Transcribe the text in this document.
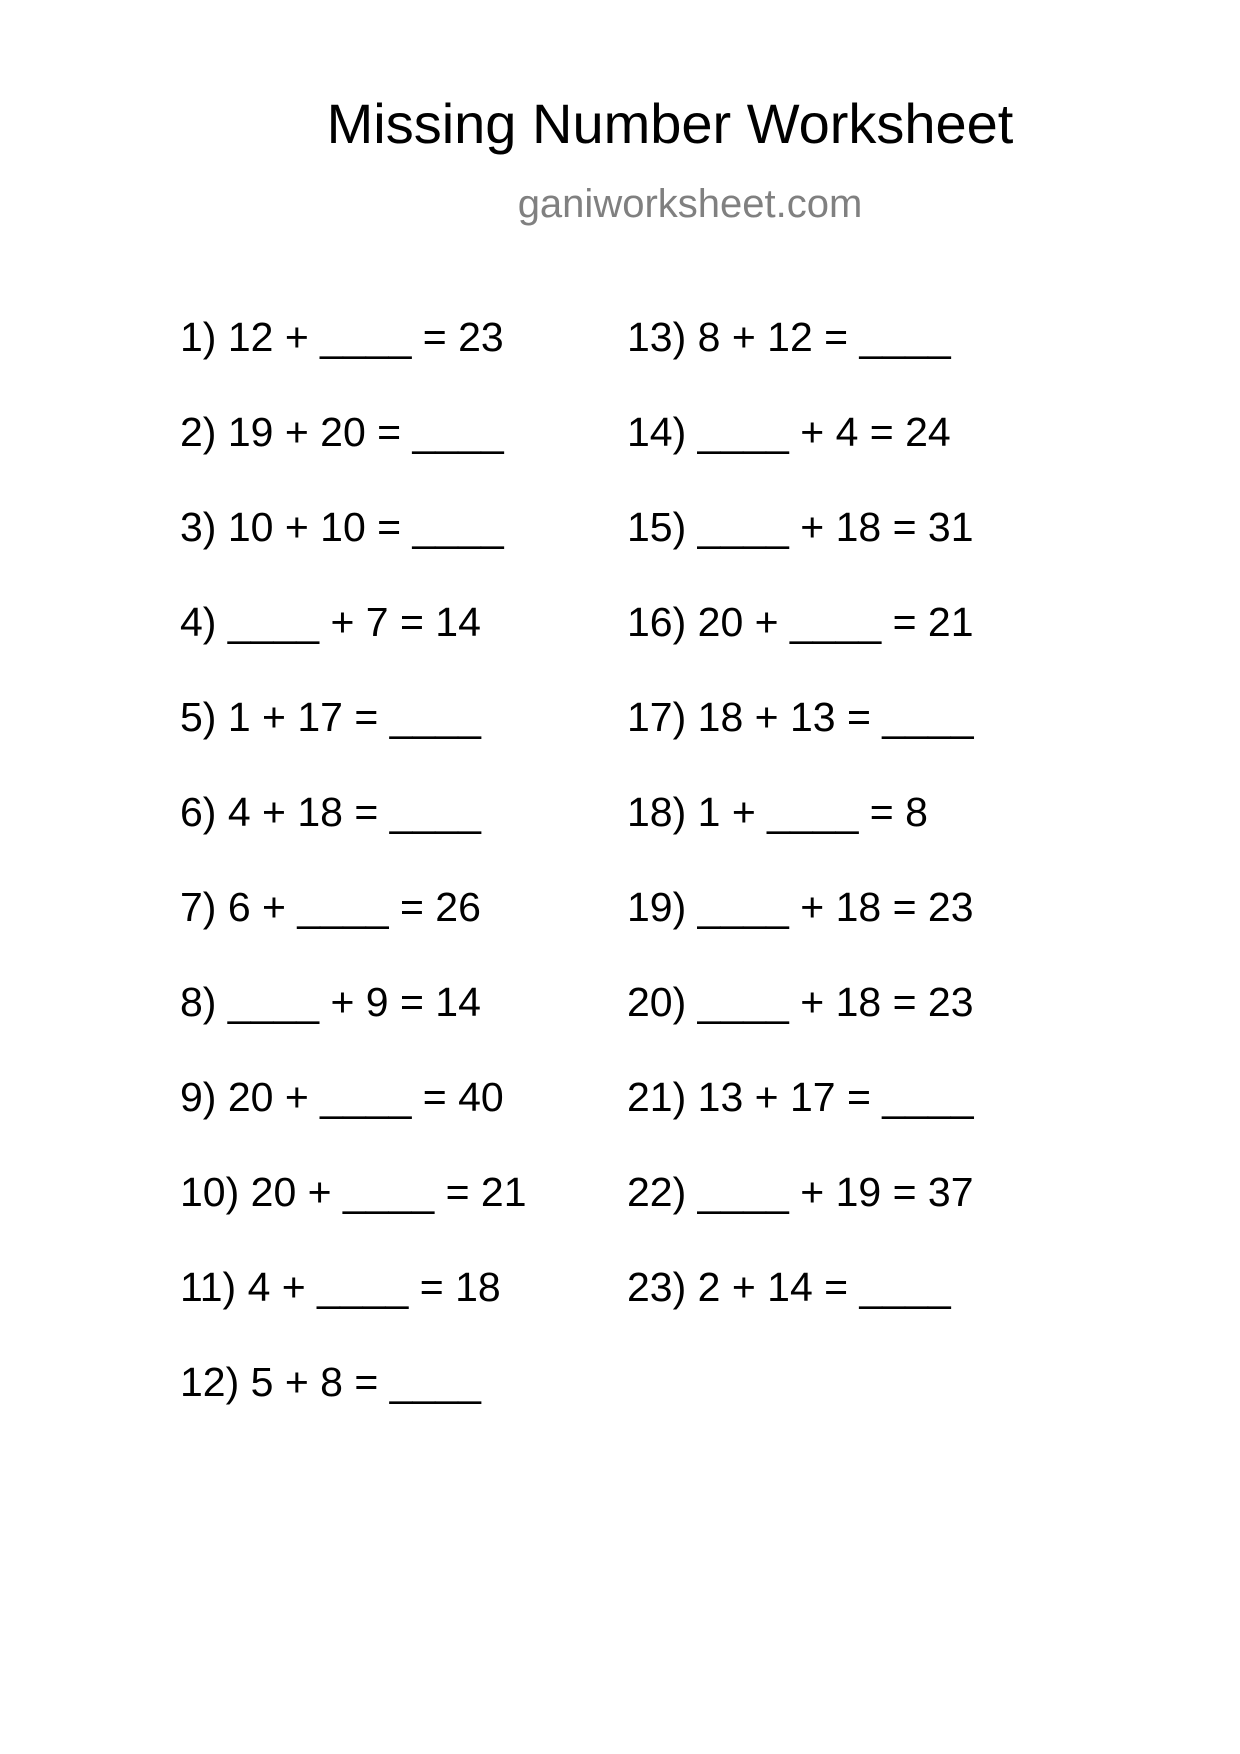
Missing Number Worksheet
ganiworksheet.com
1) 12 + ____ = 23
2) 19 + 20 = ____
3) 10 + 10 = ____
4) ____ + 7 = 14
5) 1 + 17 = ____
6) 4 + 18 = ____
7) 6 + ____ = 26
8) ____ + 9 = 14
9) 20 + ____ = 40
10) 20 + ____ = 21
11) 4 + ____ = 18
12) 5 + 8 = ____
13) 8 + 12 = ____
14) ____ + 4 = 24
15) ____ + 18 = 31
16) 20 + ____ = 21
17) 18 + 13 = ____
18) 1 + ____ = 8
19) ____ + 18 = 23
20) ____ + 18 = 23
21) 13 + 17 = ____
22) ____ + 19 = 37
23) 2 + 14 = ____
